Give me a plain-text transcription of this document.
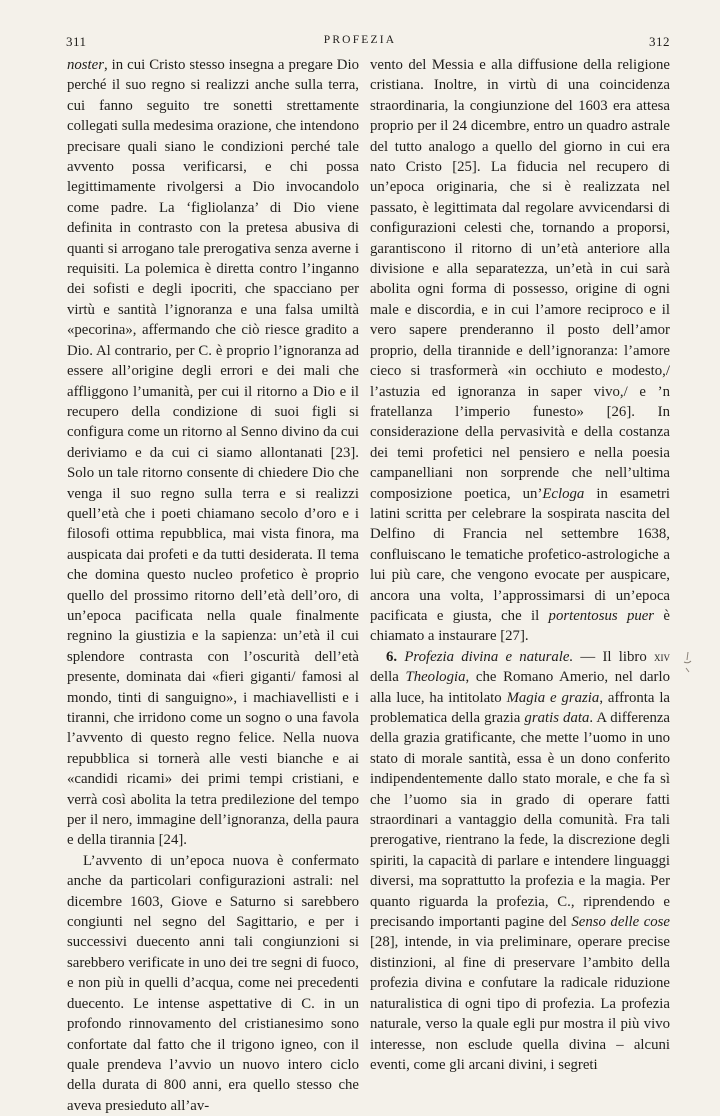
311	PROFEZIA	312

noster, in cui Cristo stesso insegna a pregare Dio perché il suo regno si realizzi anche sulla terra, cui fanno seguito tre sonetti strettamente collegati sulla medesima orazione, che intendono precisare quali siano le condizioni perché tale avvento possa verificarsi, e chi possa legittimamente rivolgersi a Dio invocandolo come padre. La ‘figliolanza’ di Dio viene definita in contrasto con la pretesa abusiva di quanti si arrogano tale prerogativa senza averne i requisiti. La polemica è diretta contro l’inganno dei sofisti e degli ipocriti, che spacciano per virtù e santità l’ignoranza e una falsa umiltà «pecorina», affermando che ciò riesce gradito a Dio. Al contrario, per C. è proprio l’ignoranza ad essere all’origine degli errori e dei mali che affliggono l’umanità, per cui il ritorno a Dio e il recupero della condizione di suoi figli si configura come un ritorno al Senno divino da cui deriviamo e da cui ci siamo allontanati [23]. Solo un tale ritorno consente di chiedere Dio che venga il suo regno sulla terra e si realizzi quell’età che i poeti chiamano secolo d’oro e i filosofi ottima repubblica, mai vista finora, ma auspicata dai profeti e da tutti desiderata. Il tema che domina questo nucleo profetico è proprio quello del prossimo ritorno dell’età dell’oro, di un’epoca pacificata nella quale finalmente regnino la giustizia e la sapienza: un’età il cui splendore contrasta con l’oscurità dell’età presente, dominata dai «fieri giganti/ famosi al mondo, tinti di sanguigno», i machiavellisti e i tiranni, che irridono come un sogno o una favola l’avvento di questo regno felice. Nella nuova repubblica si tornerà alle vesti bianche e ai «candidi ricami» dei primi tempi cristiani, e verrà così abolita la tetra predilezione del tempo per il nero, immagine dell’ignoranza, della paura e della tirannia [24].

L’avvento di un’epoca nuova è confermato anche da particolari configurazioni astrali: nel dicembre 1603, Giove e Saturno si sarebbero congiunti nel segno del Sagittario, e per i successivi duecento anni tali congiunzioni si sarebbero verificate in uno dei tre segni di fuoco, e non più in quelli d’acqua, come nei precedenti duecento. Le intense aspettative di C. in un profondo rinnovamento del cristianesimo sono confortate dal fatto che il trigono igneo, con il quale prendeva l’avvio un nuovo intero ciclo della durata di 800 anni, era quello stesso che aveva presieduto all’av-

vento del Messia e alla diffusione della religione cristiana. Inoltre, in virtù di una coincidenza straordinaria, la congiunzione del 1603 era attesa proprio per il 24 dicembre, entro un quadro astrale del tutto analogo a quello del giorno in cui era nato Cristo [25]. La fiducia nel recupero di un’epoca originaria, che si è realizzata nel passato, è legittimata dal regolare avvicendarsi di configurazioni celesti che, tornando a proporsi, garantiscono il ritorno di un’età anteriore alla divisione e alla separatezza, un’età in cui sarà abolita ogni forma di possesso, origine di ogni male e discordia, e in cui l’amore reciproco e il vero sapere prenderanno il posto dell’amor proprio, della tirannide e dell’ignoranza: l’amore cieco si trasformerà «in occhiuto e modesto,/ l’astuzia ed ignoranza in saper vivo,/ e ’n fratellanza l’imperio funesto» [26]. In considerazione della pervasività e della costanza dei temi profetici nel pensiero e nella poesia campanelliani non sorprende che nell’ultima composizione poetica, un’Ecloga in esametri latini scritta per celebrare la sospirata nascita del Delfino di Francia nel settembre 1638, confluiscano le tematiche profetico-astrologiche a lui più care, che vengono evocate per auspicare, ancora una volta, l’approssimarsi di un’epoca pacificata e giusta, che il portentosus puer è chiamato a instaurare [27].

6. Profezia divina e naturale. — Il libro xiv della Theologia, che Romano Amerio, nel darlo alla luce, ha intitolato Magia e grazia, affronta la problematica della grazia gratis data. A differenza della grazia gratificante, che mette l’uomo in uno stato di morale santità, essa è un dono conferito indipendentemente dallo stato morale, e che fa sì che l’uomo sia in grado di operare fatti straordinari a vantaggio della comunità. Fra tali prerogative, rientrano la fede, la discrezione degli spiriti, la capacità di parlare e intendere linguaggi diversi, ma soprattutto la profezia e la magia. Per quanto riguarda la profezia, C., riprendendo e precisando importanti pagine del Senso delle cose [28], intende, in via preliminare, operare precise distinzioni, al fine di preservare l’ambito della profezia divina e confutare la radicale riduzione naturalistica di ogni tipo di profezia. La profezia naturale, verso la quale egli pur mostra il più vivo interesse, non esclude quella divina – alcuni eventi, come gli arcani divini, i segreti
